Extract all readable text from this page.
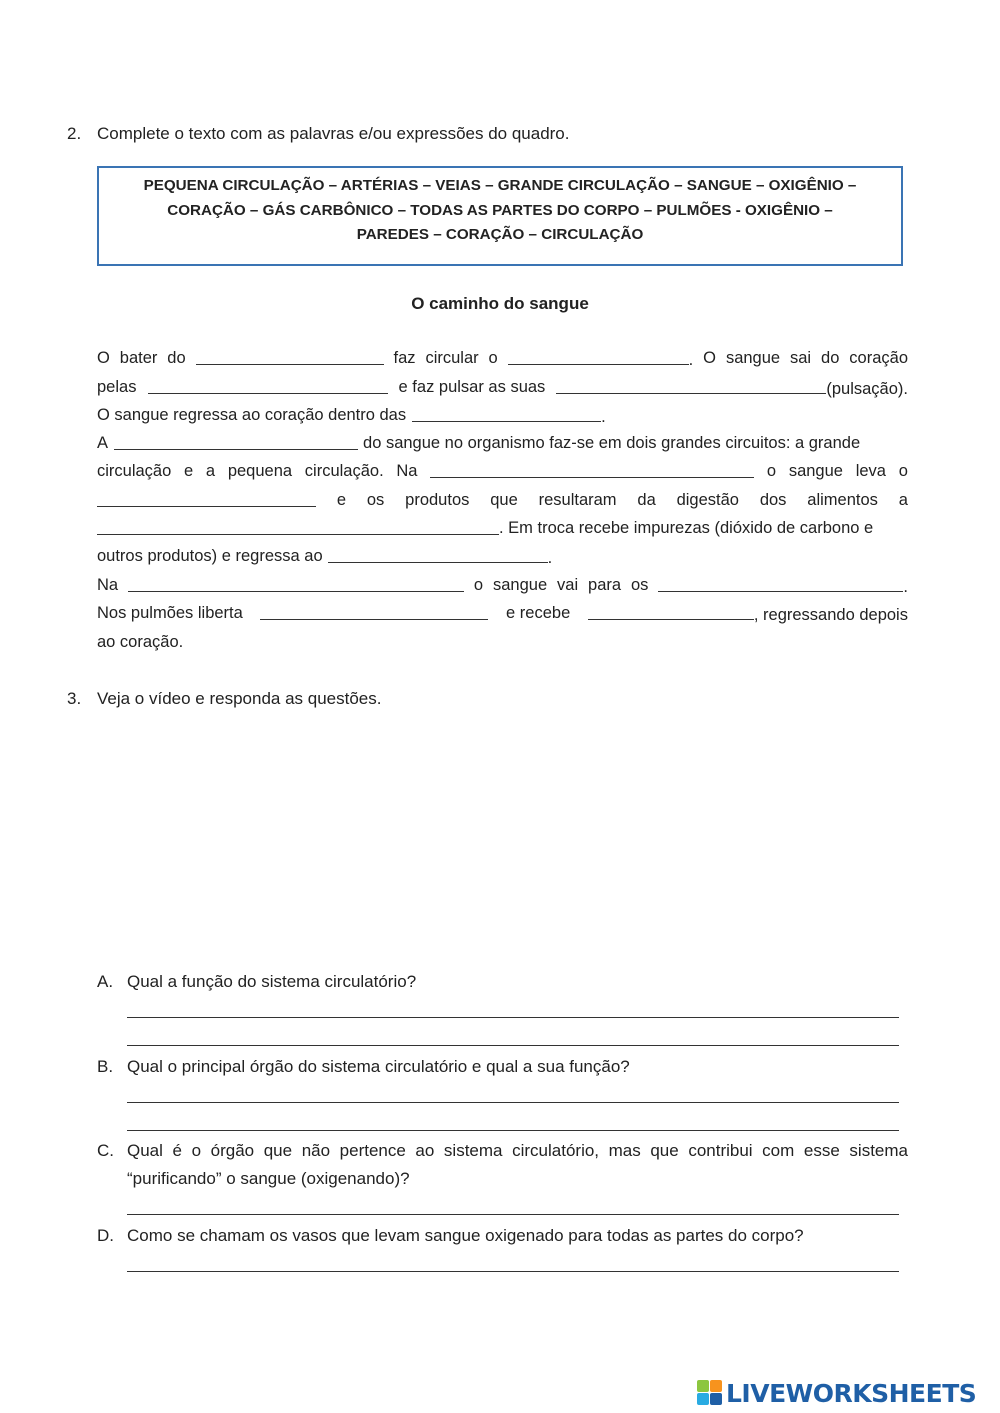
2. Complete o texto com as palavras e/ou expressões do quadro.
PEQUENA CIRCULAÇÃO – ARTÉRIAS – VEIAS – GRANDE CIRCULAÇÃO – SANGUE – OXIGÊNIO –
CORAÇÃO – GÁS CARBÔNICO – TODAS AS PARTES DO CORPO – PULMÕES - OXIGÊNIO –
PAREDES – CORAÇÃO – CIRCULAÇÃO
O caminho do sangue
O bater do	faz circular o	. O sangue sai do coração
pelas	e faz pulsar as suas	(pulsação).
O sangue regressa ao coração dentro das	.
A	do sangue no organismo faz-se em dois grandes circuitos: a grande
circulação e a pequena circulação. Na	o sangue leva o
e os produtos que resultaram da digestão dos alimentos a
. Em troca recebe impurezas (dióxido de carbono e
outros produtos) e regressa ao	.
Na	o sangue vai para os	.
Nos pulmões liberta	e recebe	, regressando depois
ao coração.
3. Veja o vídeo e responda as questões.
A. Qual a função do sistema circulatório?
B. Qual o principal órgão do sistema circulatório e qual a sua função?
C. Qual é o órgão que não pertence ao sistema circulatório, mas que contribui com esse sistema
“purificando” o sangue (oxigenando)?
D. Como se chamam os vasos que levam sangue oxigenado para todas as partes do corpo?
LIVEWORKSHEETS
